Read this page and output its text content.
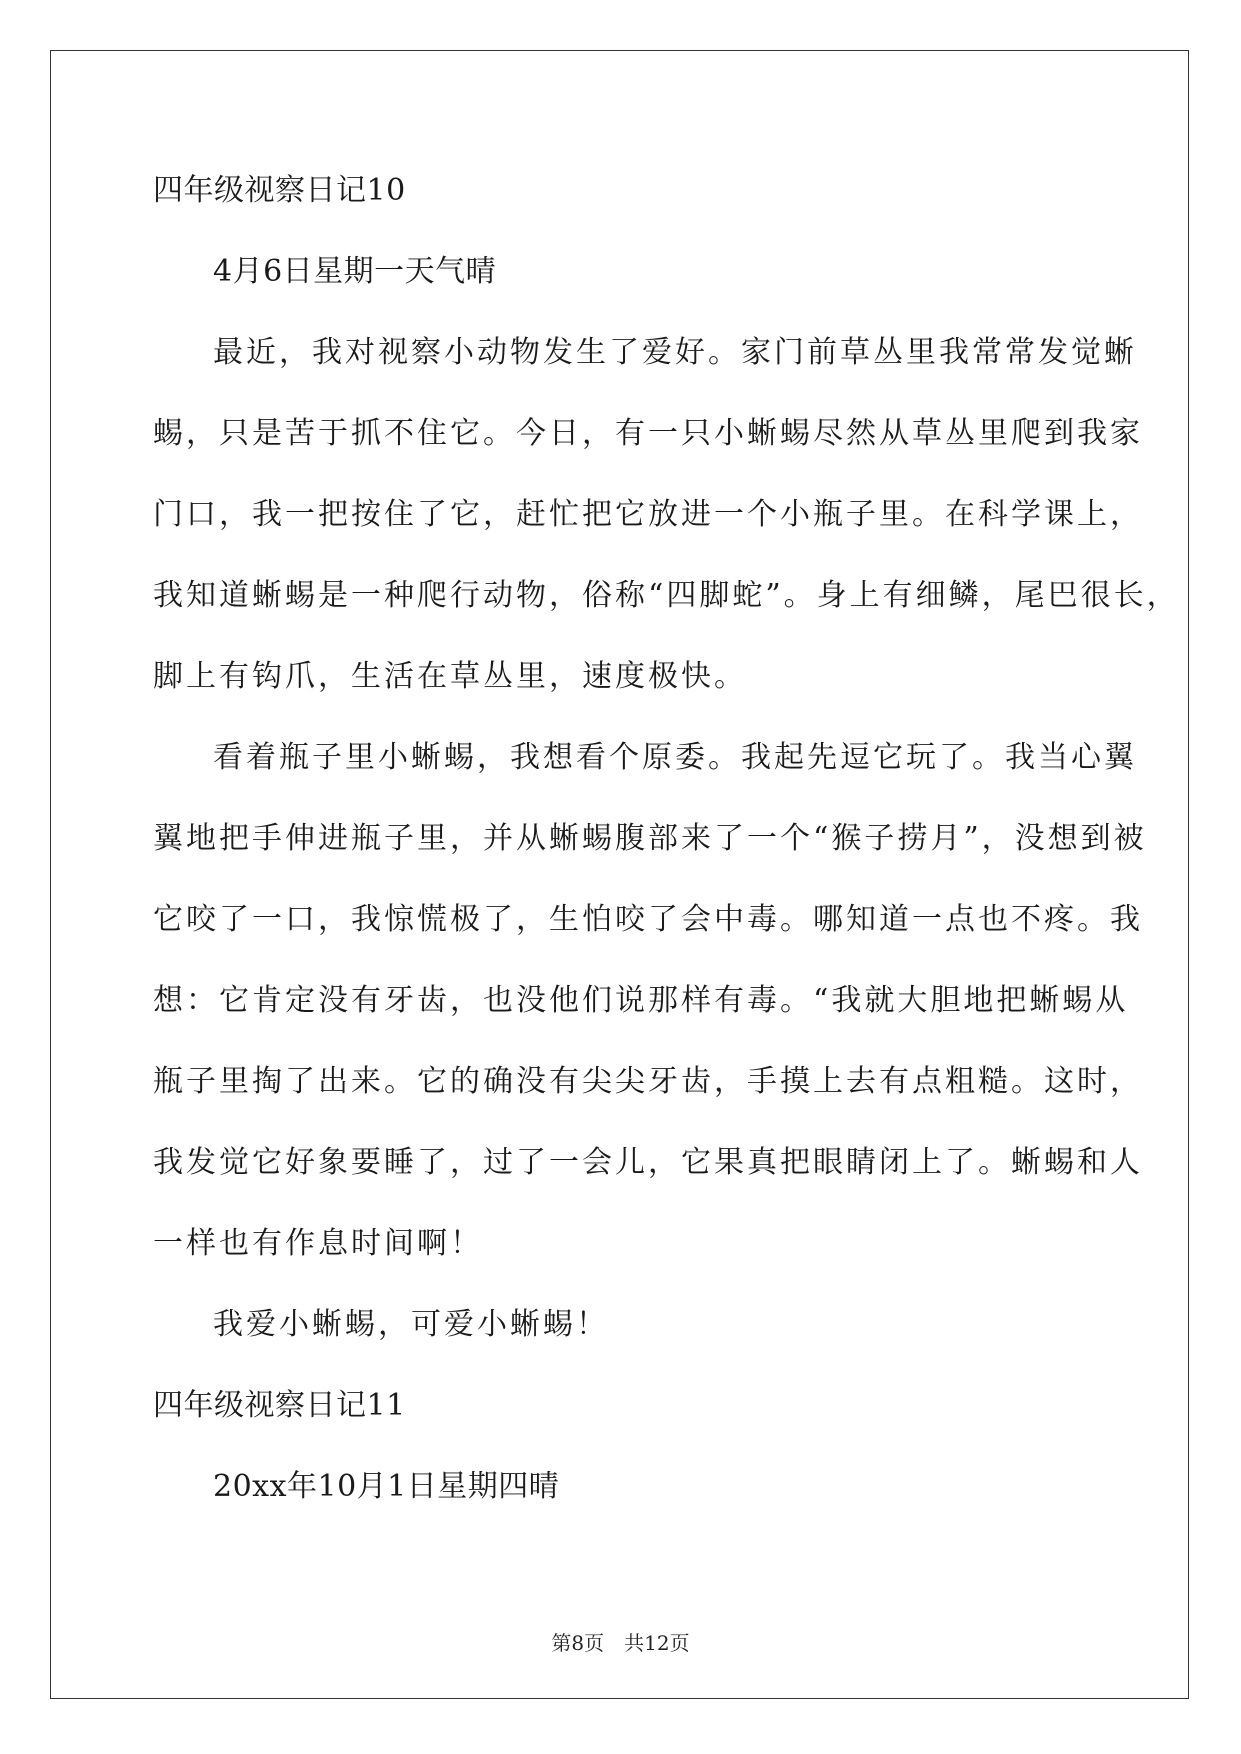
四年级视察日记10
4月6日星期一天气晴
最近，我对视察小动物发生了爱好。家门前草丛里我常常发觉蜥
蜴，只是苦于抓不住它。今日，有一只小蜥蜴尽然从草丛里爬到我家
门口，我一把按住了它，赶忙把它放进一个小瓶子里。在科学课上，
我知道蜥蜴是一种爬行动物，俗称“四脚蛇”。身上有细鳞，尾巴很长，
脚上有钩爪，生活在草丛里，速度极快。
看着瓶子里小蜥蜴，我想看个原委。我起先逗它玩了。我当心翼
翼地把手伸进瓶子里，并从蜥蜴腹部来了一个“猴子捞月”，没想到被
它咬了一口，我惊慌极了，生怕咬了会中毒。哪知道一点也不疼。我
想：它肯定没有牙齿，也没他们说那样有毒。“我就大胆地把蜥蜴从
瓶子里掏了出来。它的确没有尖尖牙齿，手摸上去有点粗糙。这时，
我发觉它好象要睡了，过了一会儿，它果真把眼睛闭上了。蜥蜴和人
一样也有作息时间啊！
我爱小蜥蜴，可爱小蜥蜴！
四年级视察日记11
20xx年10月1日星期四晴
第8页 共12页
